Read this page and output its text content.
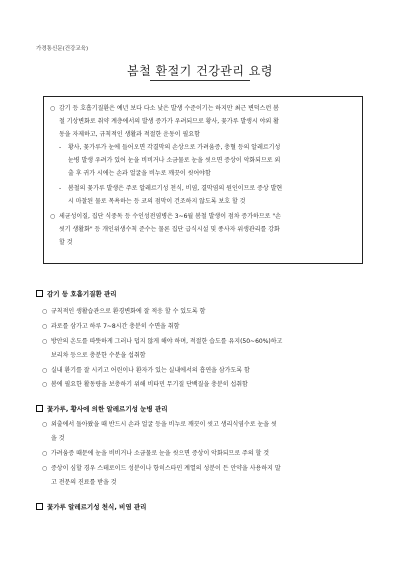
가경통신문(건강교육)
봄철 환절기 건강관리 요령
○ 감기 등 호흡기질환은 예년 보다 다소 낮은 발생 수준이기는 하지만 최근 변덕스런 봄
철 기상변화로 취약 계층에서의 발생 증가가 우려되므로 황사, 꽃가루 발생시 야외 활
동을 자제하고, 규칙적인 생활과 적절한 운동이 필요함
- 황사, 꽃가루가 눈에 들어오면 각결막의 손상으로 가려움증, 충혈 등의 알레르기성
눈병 발생 우려가 있어 눈을 비비거나 소금물로 눈을 씻으면 증상이 악화되므로 외
출 후 귀가 시에는 손과 얼굴을 비누로 깨끗이 씻어야함
- 봄철의 꽃가루 발생은 주로 알레르기성 천식, 비염, 결막염의 원인이므로 증상 발현
시 마찰된 물로 목욕하는 등 코의 점막이 건조하지 않도록 보호 할 것
○ 세균성이질, 집단 식중독 등 수인성전염병은 3~6월 봄철 발생이 점차 증가하므로 "손
씻기 생활화" 등 개인위생수칙 준수는 물론 집단 급식시설 및 종사자 위생관리를 강화
할 것
감기 등 호흡기질환 관리
○ 규칙적인 생활습관으로 환경변화에 잘 적응 할 수 있도록 함
○ 과로를 삼가고 하루 7~8시간 충분히 수면을 취함
○ 방안의 온도를 따뜻하게 그러나 덥지 않게 해야 하며, 적절한 습도를 유지(50~60%)하고
보리차 등으로 충분한 수분을 섭취함
○ 실내 환기를 잘 시키고 어린이나 환자가 있는 실내에서의 흡연을 삼가도록 함
○ 봄에 필요한 활동량을 보충하기 위해 비타민 무기질 단백질을 충분히 섭취함
꽃가루, 황사에 의한 알레르기성 눈병 관리
○ 외출에서 돌아왔을 때 반드시 손과 얼굴 등을 비누로 깨끗이 씻고 생리식염수로 눈을 씻
을 것
○ 가려움증 때문에 눈을 비비거나 소금물로 눈을 씻으면 증상이 악화되므로 주의 할 것
○ 증상이 심할 경우 스테로이드 성분이나 항히스타민 계열의 성분이 든 안약을 사용하지 말
고 전문의 진료를 받을 것
꽃가루 알레르기성 천식, 비염 관리
